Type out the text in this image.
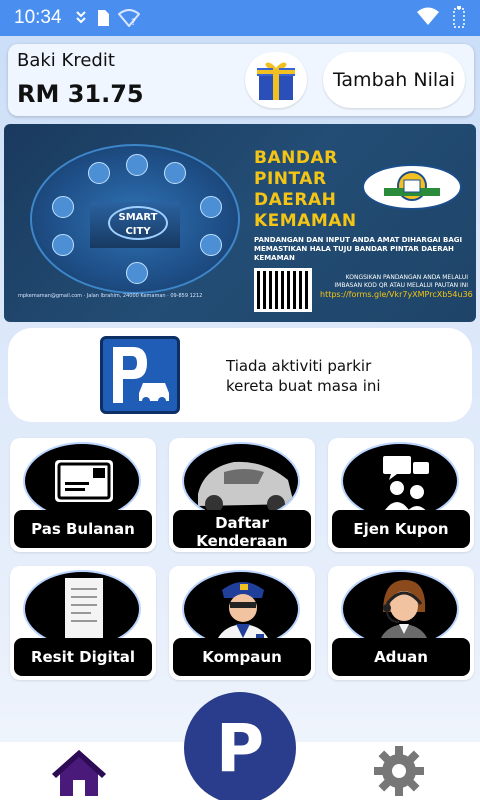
10:34	?
Baki Kredit
RM 31.75	Tambah Nilai
SMART CITY
BANDAR
PINTAR
DAERAH
KEMAMAN
PANDANGAN DAN INPUT ANDA AMAT DIHARGAI BAGI MEMASTIKAN HALA TUJU BANDAR PINTAR DAERAH KEMAMAN
KONGSIKAN PANDANGAN ANDA MELALUI IMBASAN KOD QR ATAU MELALUI PAUTAN INI
https://forms.gle/Vkr7yXMPrcXb54u36
mpkemaman@gmail.com · Jalan Ibrahim, 24000 Kemaman · 09-859 1212
Tiada aktiviti parkir
kereta buat masa ini
Pas Bulanan	Daftar Kenderaan
Ejen Kupon
Resit Digital	Kompaun	Aduan
P
